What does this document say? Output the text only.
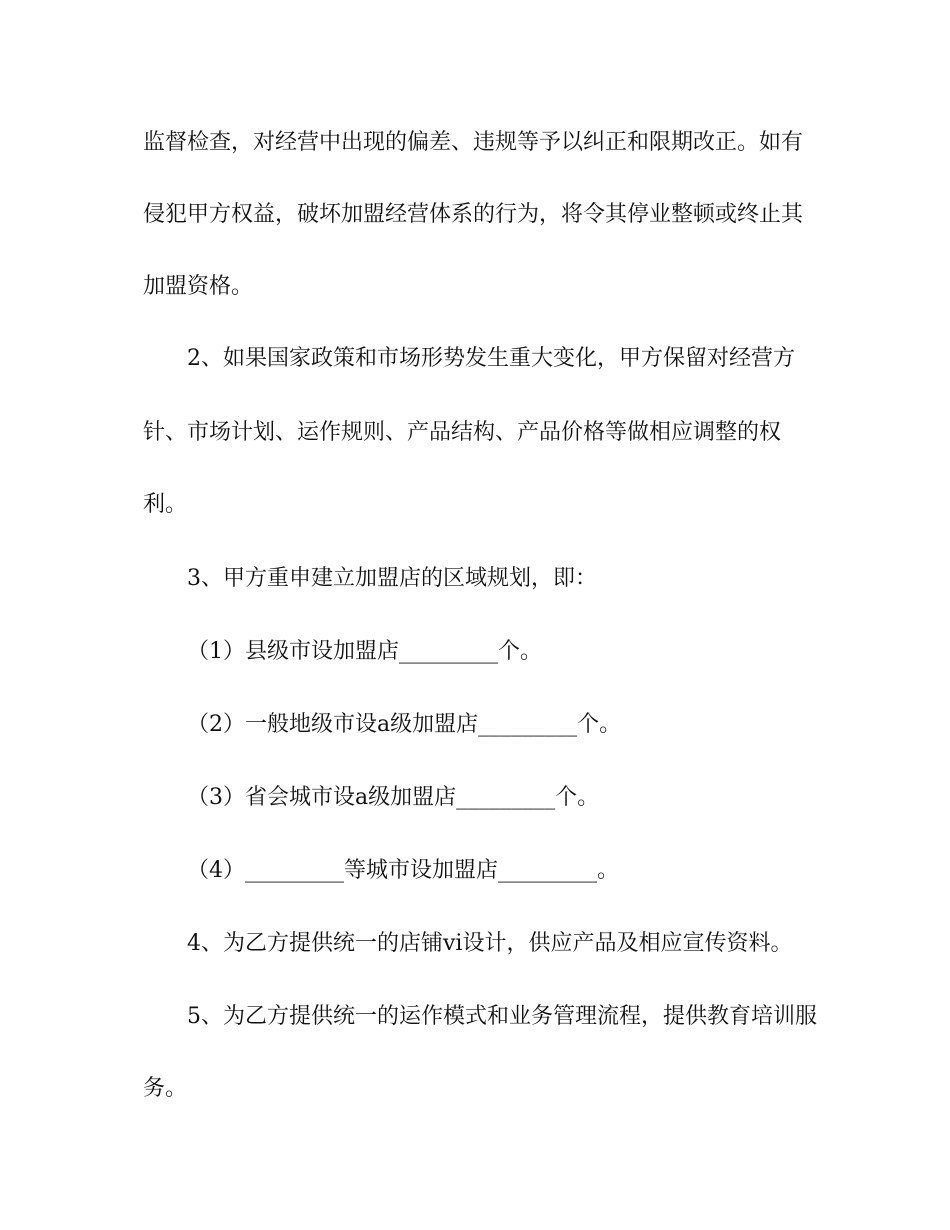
监督检查，对经营中出现的偏差、违规等予以纠正和限期改正。如有

侵犯甲方权益，破坏加盟经营体系的行为，将令其停业整顿或终止其

加盟资格。

2、如果国家政策和市场形势发生重大变化，甲方保留对经营方

针、市场计划、运作规则、产品结构、产品价格等做相应调整的权

利。

3、甲方重申建立加盟店的区域规划，即：

（1）县级市设加盟店_________个。

（2）一般地级市设a级加盟店_________个。

（3）省会城市设a级加盟店_________个。

（4）_________等城市设加盟店_________。

4、为乙方提供统一的店铺vi设计，供应产品及相应宣传资料。

5、为乙方提供统一的运作模式和业务管理流程，提供教育培训服

务。
